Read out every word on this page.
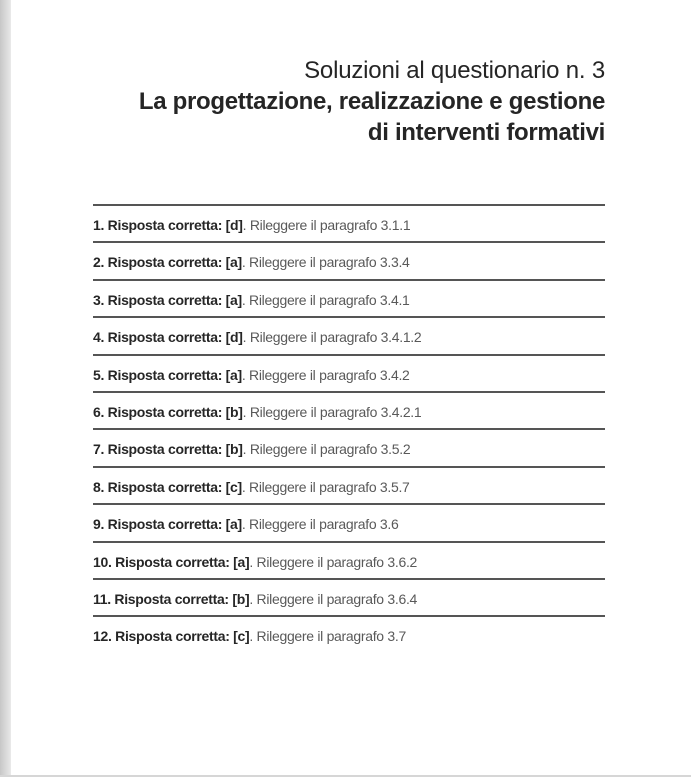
Soluzioni al questionario n. 3
La progettazione, realizzazione e gestione
di interventi formativi
1. Risposta corretta: [d]. Rileggere il paragrafo 3.1.1
2. Risposta corretta: [a]. Rileggere il paragrafo 3.3.4
3. Risposta corretta: [a]. Rileggere il paragrafo 3.4.1
4. Risposta corretta: [d]. Rileggere il paragrafo 3.4.1.2
5. Risposta corretta: [a]. Rileggere il paragrafo 3.4.2
6. Risposta corretta: [b]. Rileggere il paragrafo 3.4.2.1
7. Risposta corretta: [b]. Rileggere il paragrafo 3.5.2
8. Risposta corretta: [c]. Rileggere il paragrafo 3.5.7
9. Risposta corretta: [a]. Rileggere il paragrafo 3.6
10. Risposta corretta: [a]. Rileggere il paragrafo 3.6.2
11. Risposta corretta: [b]. Rileggere il paragrafo 3.6.4
12. Risposta corretta: [c]. Rileggere il paragrafo 3.7
